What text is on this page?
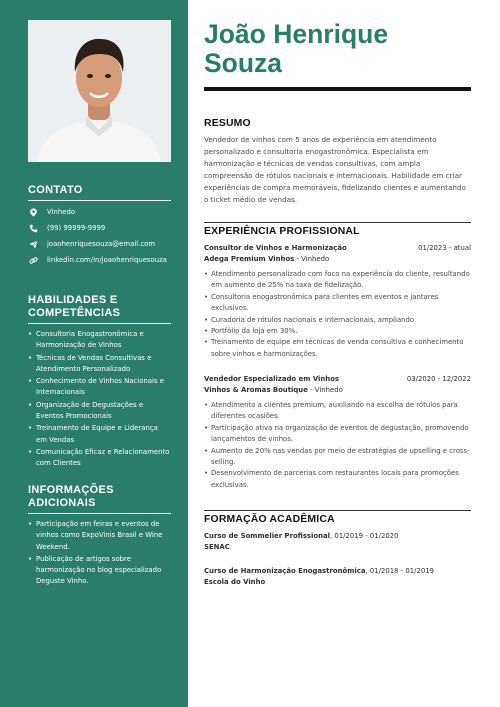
CONTATO
Vinhedo
(99) 99999-9999
joaohenriquesouza@email.com
linkedin.com/in/joaohenriquesouza
HABILIDADES E COMPETÊNCIAS
• Consultoria Enogastronômica e Harmonização de Vinhos
• Técnicas de Vendas Consultivas e Atendimento Personalizado
• Conhecimento de Vinhos Nacionais e Internacionais
• Organização de Degustações e Eventos Promocionais
• Treinamento de Equipe e Liderança em Vendas
• Comunicação Eficaz e Relacionamento com Clientes
INFORMAÇÕES ADICIONAIS
• Participação em feiras e eventos de vinhos como ExpoVinis Brasil e Wine Weekend.
• Publicação de artigos sobre harmonização no blog especializado Deguste Vinho.
João Henrique
Souza
RESUMO
Vendedor de vinhos com 5 anos de experiência em atendimento personalizado e consultoria enogastronômica. Especialista em harmonização e técnicas de vendas consultivas, com ampla compreensão de rótulos nacionais e internacionais. Habilidade em criar experiências de compra memoráveis, fidelizando clientes e aumentando o ticket médio de vendas.
EXPERIÊNCIA PROFISSIONAL
Consultor de Vinhos e Harmonização	01/2023 - atual
Adega Premium Vinhos - Vinhedo
• Atendimento personalizado com foco na experiência do cliente, resultando em aumento de 25% na taxa de fidelização.
• Consultoria enogastronômica para clientes em eventos e jantares exclusivos.
• Curadoria de rótulos nacionais e internacionais, ampliando
• Portfólio da loja em 30%.
• Treinamento de equipe em técnicas de venda consultiva e conhecimento sobre vinhos e harmonizações.
Vendedor Especializado em Vinhos	03/2020 - 12/2022
Vinhos & Aromas Boutique - Vinhedo
• Atendimento a clientes premium, auxiliando na escolha de rótulos para diferentes ocasiões.
• Participação ativa na organização de eventos de degustação, promovendo lançamentos de vinhos.
• Aumento de 20% nas vendas por meio de estratégias de upselling e cross-selling.
• Desenvolvimento de parcerias com restaurantes locais para promoções exclusivas.
FORMAÇÃO ACADÊMICA
Curso de Sommelier Profissional, 01/2019 - 01/2020
SENAC
Curso de Harmonização Enogastronômica, 01/2018 - 01/2019
Escola do Vinho
